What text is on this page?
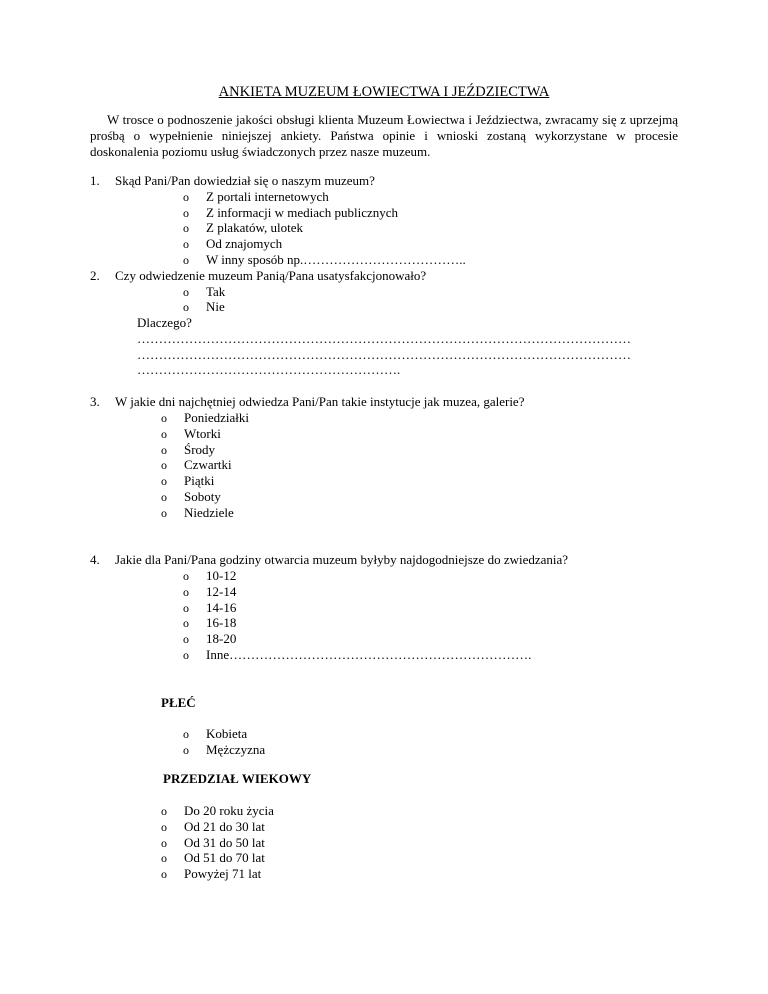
ANKIETA MUZEUM ŁOWIECTWA I JEŹDZIECTWA
W trosce o podnoszenie jakości obsługi klienta Muzeum Łowiectwa i Jeździectwa, zwracamy się z uprzejmą prośbą o wypełnienie niniejszej ankiety. Państwa opinie i wnioski zostaną wykorzystane w procesie doskonalenia poziomu usług świadczonych przez nasze muzeum.
1.	Skąd Pani/Pan dowiedział się o naszym muzeum?
o Z portali internetowych
o Z informacji w mediach publicznych
o Z plakatów, ulotek
o Od znajomych
o W inny sposób np.………………………………..
2.	Czy odwiedzenie muzeum Panią/Pana usatysfakcjonowało?
o Tak
o Nie
Dlaczego?
……………………………………………………………………………………………………
……………………………………………………………………………………………………
…………………………………………………….
3.	W jakie dni najchętniej odwiedza Pani/Pan takie instytucje jak muzea, galerie?
o Poniedziałki
o Wtorki
o Środy
o Czwartki
o Piątki
o Soboty
o Niedziele
4.	Jakie dla Pani/Pana godziny otwarcia muzeum byłyby najdogodniejsze do zwiedzania?
o 10-12
o 12-14
o 14-16
o 16-18
o 18-20
o Inne…………………………………………………………….
PŁEĆ
o Kobieta
o Mężczyzna
PRZEDZIAŁ WIEKOWY
o Do 20 roku życia
o Od 21 do 30 lat
o Od 31 do 50 lat
o Od 51 do 70 lat
o Powyżej 71 lat
